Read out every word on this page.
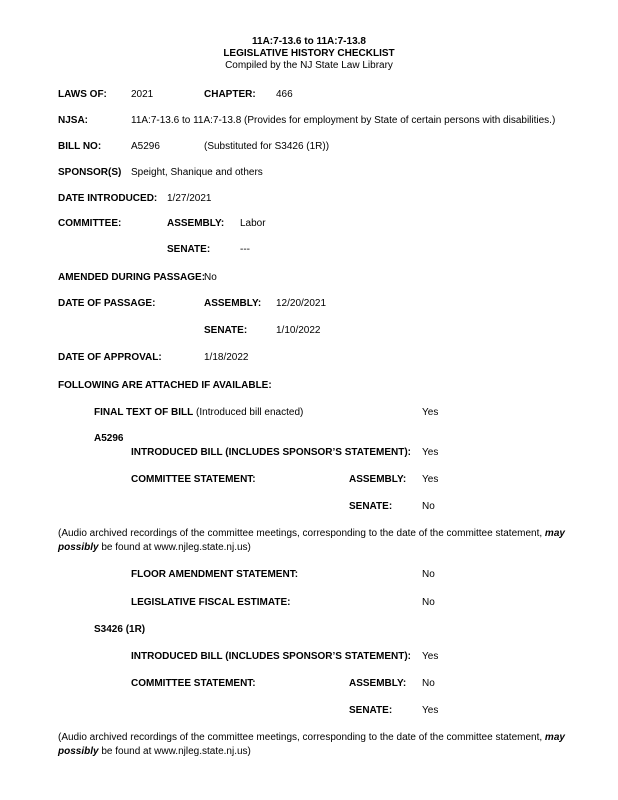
11A:7-13.6 to 11A:7-13.8
LEGISLATIVE HISTORY CHECKLIST
Compiled by the NJ State Law Library
LAWS OF: 2021	CHAPTER: 466
NJSA:	11A:7-13.6 to 11A:7-13.8 (Provides for employment by State of certain persons with disabilities.)
BILL NO:	A5296	(Substituted for S3426 (1R))
SPONSOR(S) Speight, Shanique and others
DATE INTRODUCED: 1/27/2021
COMMITTEE:	ASSEMBLY: Labor
SENATE:	---
AMENDED DURING PASSAGE:
No
DATE OF PASSAGE:	ASSEMBLY: 12/20/2021
SENATE:	1/10/2022
DATE OF APPROVAL:	1/18/2022
FOLLOWING ARE ATTACHED IF AVAILABLE:
FINAL TEXT OF BILL (Introduced bill enacted)	Yes
A5296
INTRODUCED BILL (INCLUDES SPONSOR’S STATEMENT): Yes
COMMITTEE STATEMENT:	ASSEMBLY: Yes
SENATE:	No
(Audio archived recordings of the committee meetings, corresponding to the date of the committee statement, may possibly be found at www.njleg.state.nj.us)
FLOOR AMENDMENT STATEMENT:	No
LEGISLATIVE FISCAL ESTIMATE:	No
S3426 (1R)
INTRODUCED BILL (INCLUDES SPONSOR’S STATEMENT): Yes
COMMITTEE STATEMENT:	ASSEMBLY: No
SENATE:	Yes
(Audio archived recordings of the committee meetings, corresponding to the date of the committee statement, may possibly be found at www.njleg.state.nj.us)
